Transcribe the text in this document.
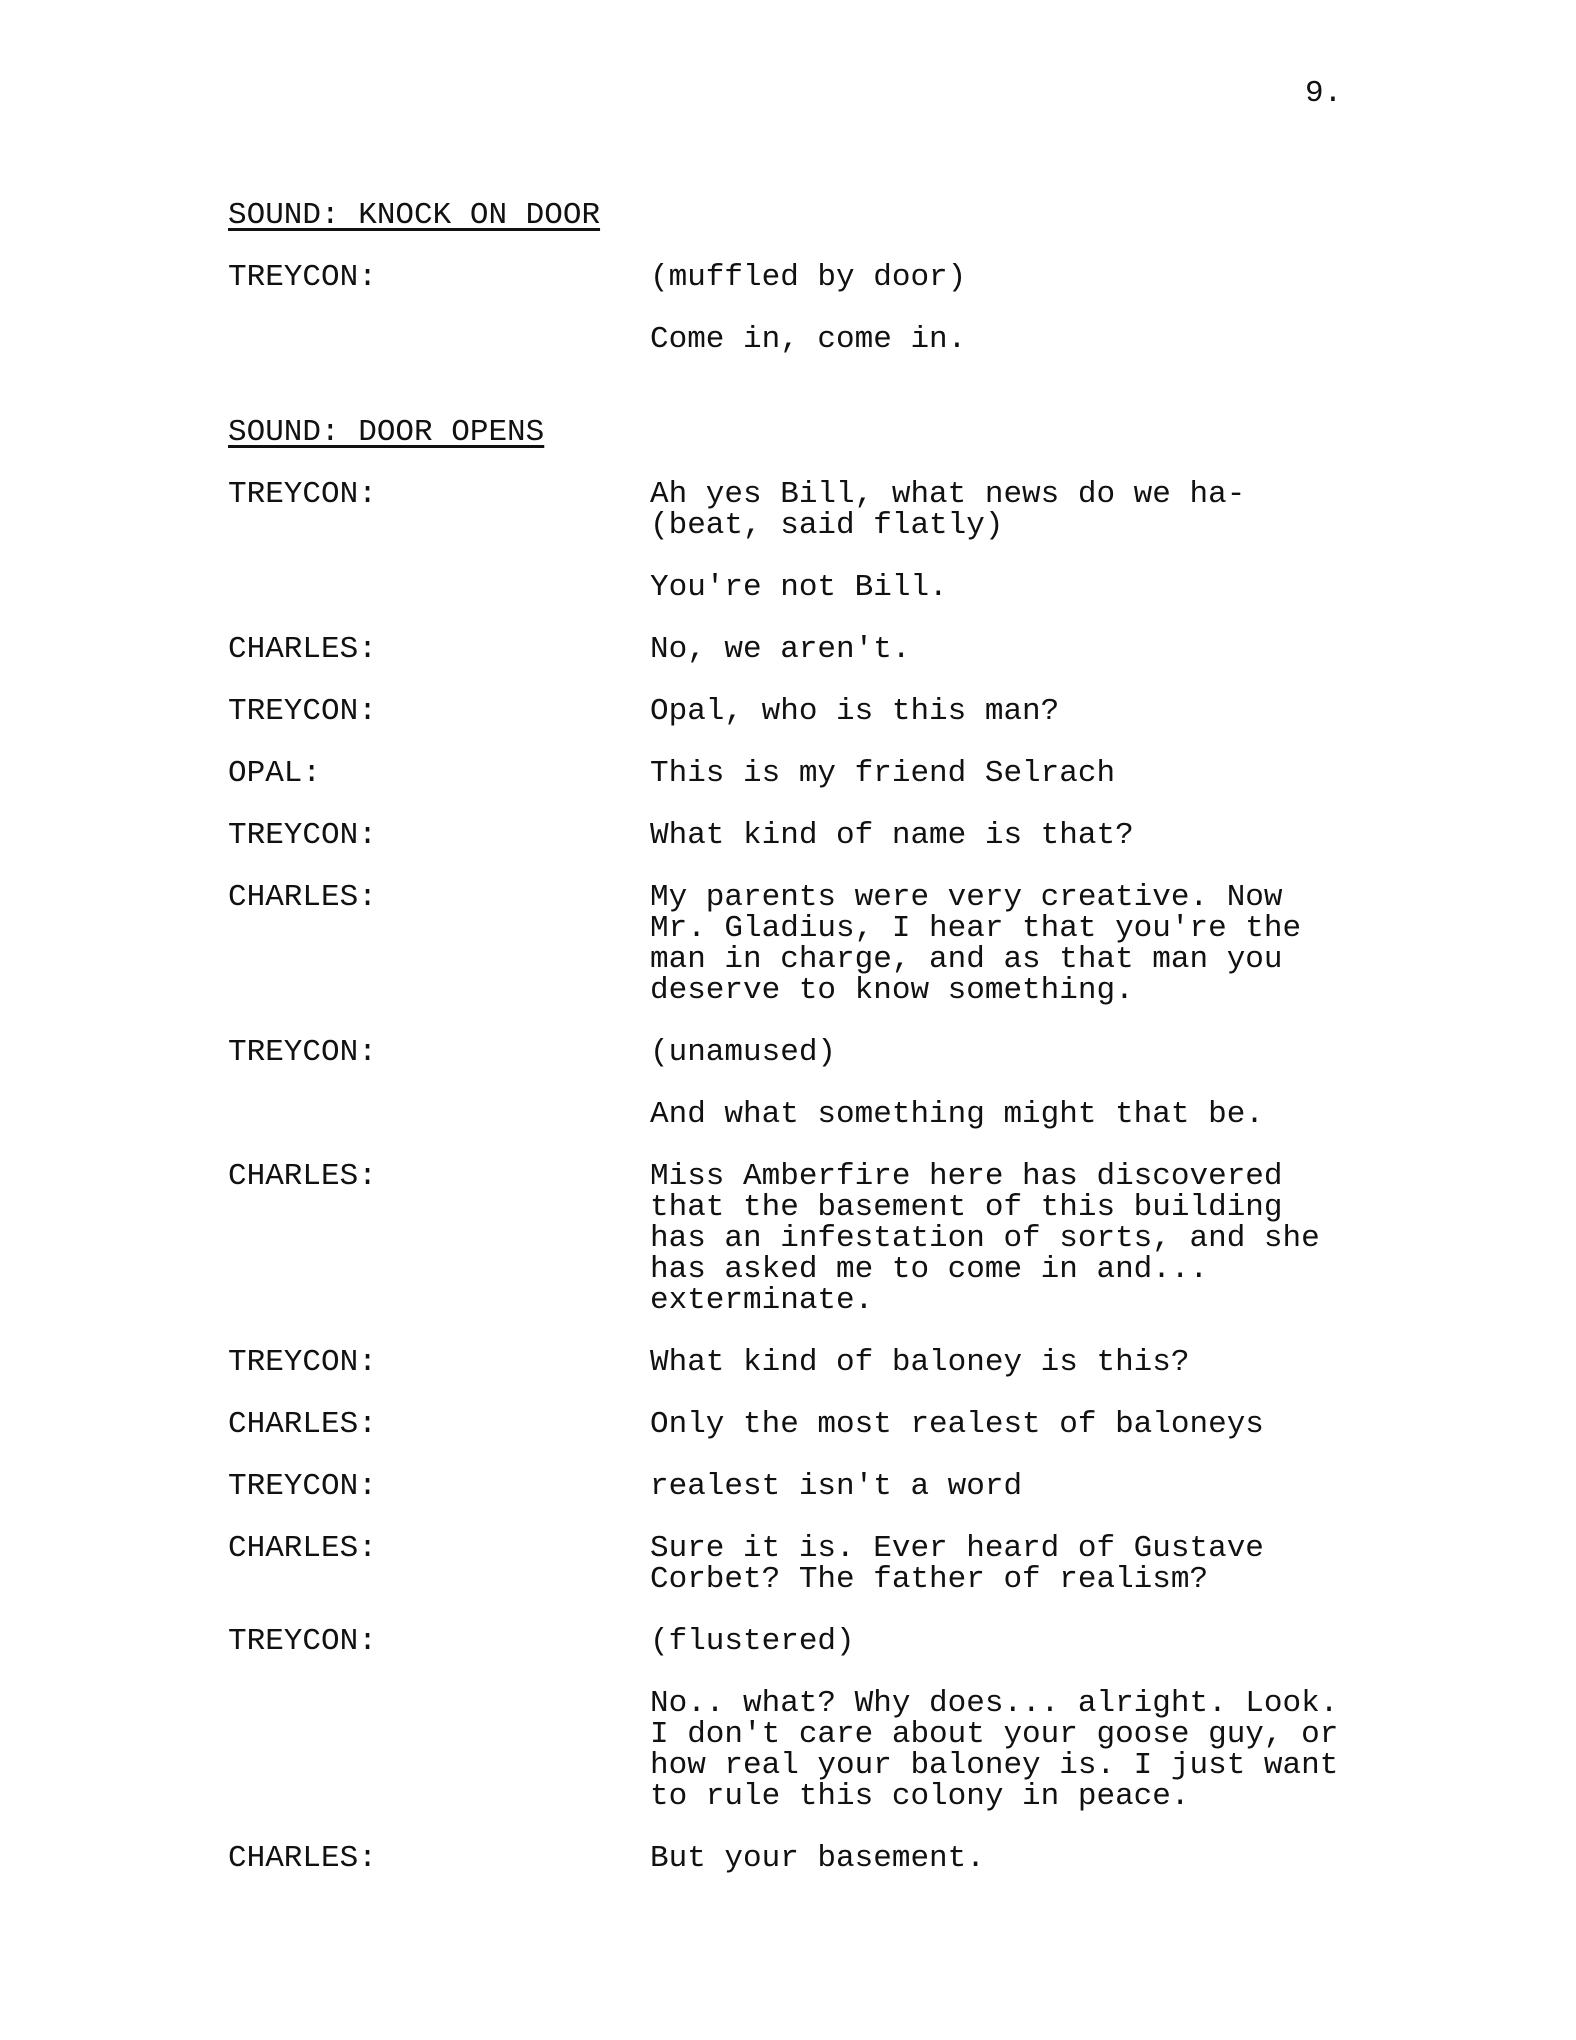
9.
SOUND: KNOCK ON DOOR
TREYCON:	(muffled by door)
Come in, come in.
SOUND: DOOR OPENS
TREYCON:	Ah yes Bill, what news do we ha-
(beat, said flatly)
You're not Bill.
CHARLES:	No, we aren't.
TREYCON:	Opal, who is this man?
OPAL:	This is my friend Selrach
TREYCON:	What kind of name is that?
CHARLES:	My parents were very creative. Now
Mr. Gladius, I hear that you're the
man in charge, and as that man you
deserve to know something.
TREYCON:	(unamused)
And what something might that be.
CHARLES:	Miss Amberfire here has discovered
that the basement of this building
has an infestation of sorts, and she
has asked me to come in and...
exterminate.
TREYCON:	What kind of baloney is this?
CHARLES:	Only the most realest of baloneys
TREYCON:	realest isn't a word
CHARLES:	Sure it is. Ever heard of Gustave
Corbet? The father of realism?
TREYCON:	(flustered)
No.. what? Why does... alright. Look.
I don't care about your goose guy, or
how real your baloney is. I just want
to rule this colony in peace.
CHARLES:	But your basement.
